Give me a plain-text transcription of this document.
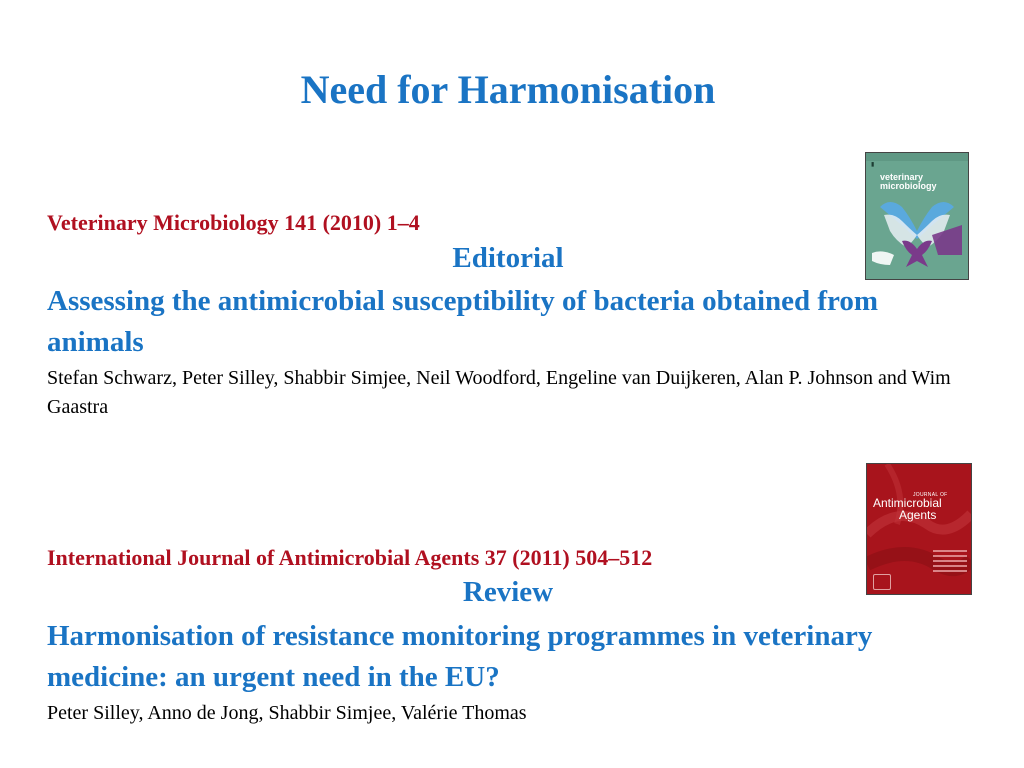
Need for Harmonisation
Veterinary Microbiology 141 (2010) 1–4
Editorial
Assessing the antimicrobial susceptibility of bacteria obtained from animals
Stefan Schwarz, Peter Silley, Shabbir Simjee, Neil Woodford, Engeline van Duijkeren, Alan P. Johnson and Wim Gaastra
▮
veterinary
microbiology
International Journal of Antimicrobial Agents 37 (2011) 504–512
Review
Harmonisation of resistance monitoring programmes in veterinary medicine: an urgent need in the EU?
Peter Silley, Anno de Jong, Shabbir Simjee, Valérie Thomas
JOURNAL OF
Antimicrobial
Agents
